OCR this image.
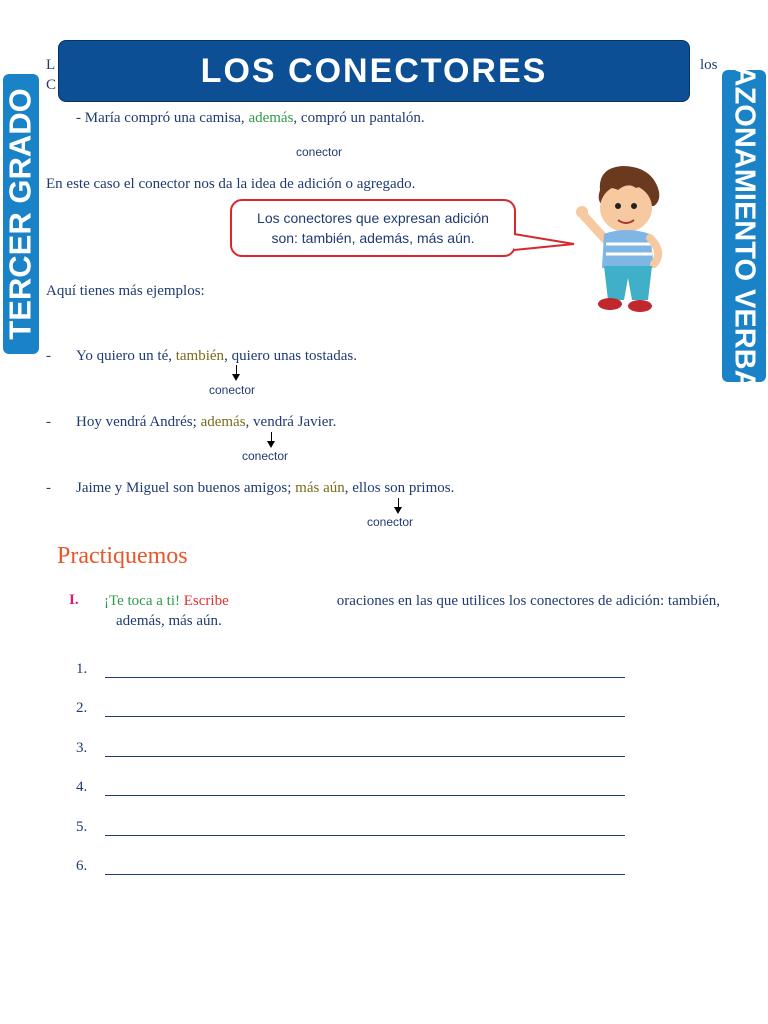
TERCER GRADO	RAZONAMIENTO VERBAL
L
C
los
LOS CONECTORES
- María compró una camisa, además, compró un pantalón.
conector
En este caso el conector nos da la idea de adición o agregado.
Los conectores que expresan adición
son: también, además, más aún.
Aquí tienes más ejemplos:
- Yo quiero un té, también, quiero unas tostadas.
conector
- Hoy vendrá Andrés; además, vendrá Javier.
conector
- Jaime y Miguel son buenos amigos; más aún, ellos son primos.
conector
Practiquemos
I. ¡Te toca a ti! Escribe	oraciones en las que utilices los conectores de adición: también,
además, más aún.
1.
2.
3.
4.
5.
6.
